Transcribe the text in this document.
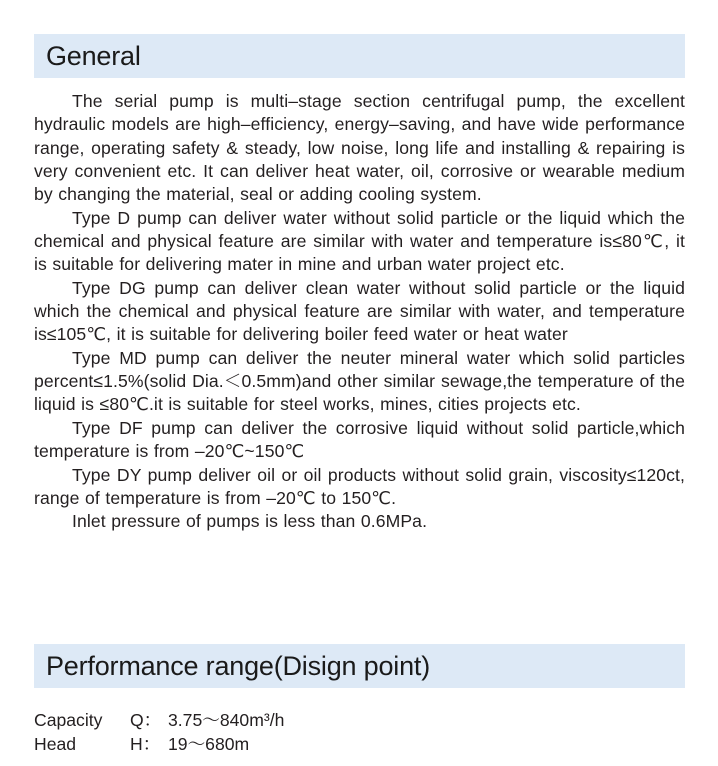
General

The serial pump is multi–stage section centrifugal pump, the excellent hydraulic models are high–efficiency, energy–saving, and have wide performance range, operating safety & steady, low noise, long life and installing & repairing is very convenient etc. It can deliver heat water, oil, corrosive or wearable medium by changing the material, seal or adding cooling system.

Type D pump can deliver water without solid particle or the liquid which the chemical and physical feature are similar with water and temperature is≤80℃, it is suitable for delivering mater in mine and urban water project etc.

Type DG pump can deliver clean water without solid particle or the liquid which the chemical and physical feature are similar with water, and temperature is≤105℃, it is suitable for delivering boiler feed water or heat water

Type MD pump can deliver the neuter mineral water which solid particles percent≤1.5%(solid Dia.＜0.5mm)and other similar sewage,the temperature of the liquid is ≤80℃.it is suitable for steel works, mines, cities projects etc.

Type DF pump can deliver the corrosive liquid without solid particle,which temperature is from –20℃~150℃

Type DY pump deliver oil or oil products without solid grain, viscosity≤120ct, range of temperature is from –20℃ to 150℃.

Inlet pressure of pumps is less than 0.6MPa.

Performance range(Disign point)
Capacity	Q： 3.75～840m³/h
Head	H： 19～680m
